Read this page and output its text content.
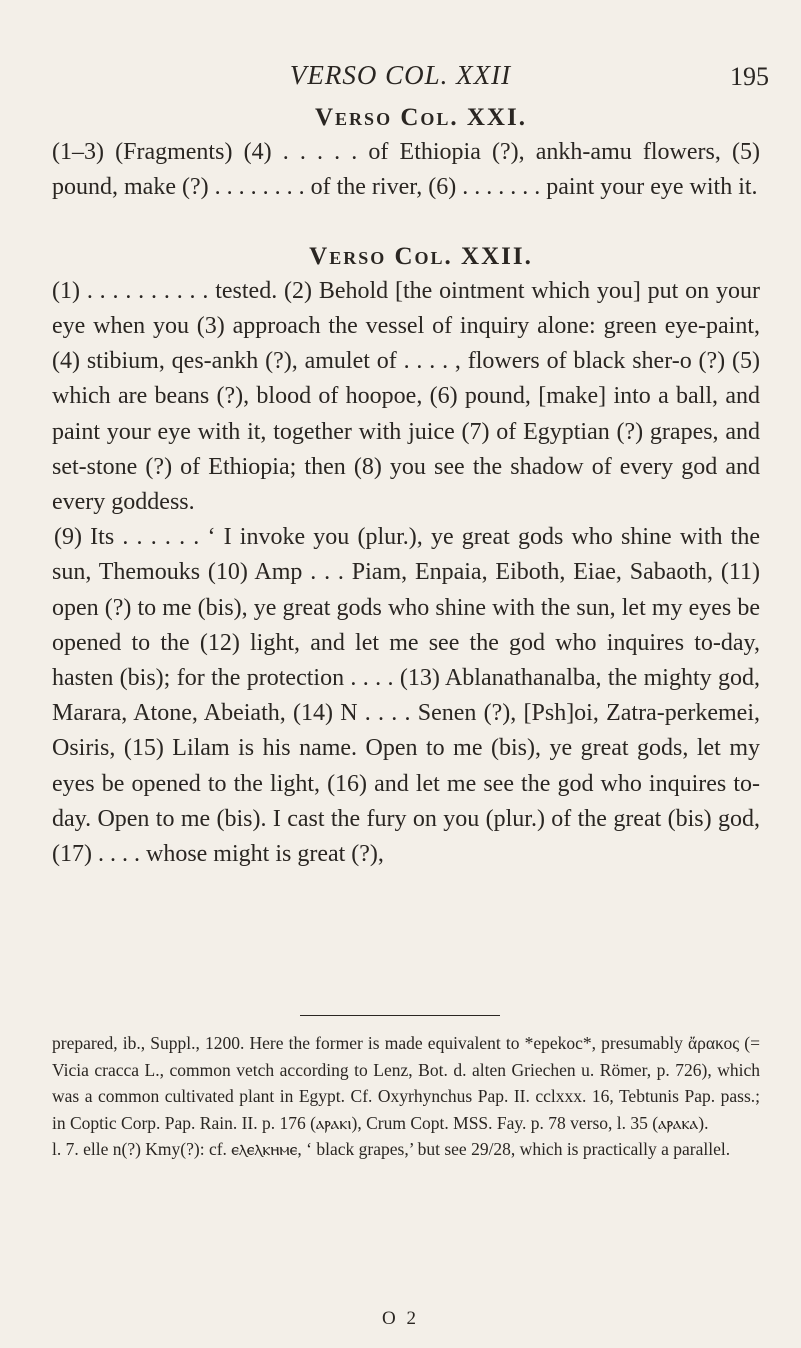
VERSO COL. XXII	195
Verso Col. XXI.

(1–3) (Fragments) (4) . . . . . of Ethiopia (?), ankh-amu flowers, (5) pound, make (?) . . . . . . . . of the river, (6) . . . . . . . paint your eye with it.

Verso Col. XXII.

(1) . . . . . . . . . . tested. (2) Behold [the ointment which you] put on your eye when you (3) approach the vessel of inquiry alone: green eye-paint, (4) stibium, qes-ankh (?), amulet of . . . . , flowers of black sher-o (?) (5) which are beans (?), blood of hoopoe, (6) pound, [make] into a ball, and paint your eye with it, together with juice (7) of Egyptian (?) grapes, and set-stone (?) of Ethiopia; then (8) you see the shadow of every god and every goddess.

(9) Its . . . . . . ‘ I invoke you (plur.), ye great gods who shine with the sun, Themouks (10) Amp . . . Piam, Enpaia, Eiboth, Eiae, Sabaoth, (11) open (?) to me (bis), ye great gods who shine with the sun, let my eyes be opened to the (12) light, and let me see the god who inquires to-day, hasten (bis); for the protection . . . . (13) Ablanathanalba, the mighty god, Marara, Atone, Abeiath, (14) N . . . . Senen (?), [Psh]oi, Zatra-perkemei, Osiris, (15) Lilam is his name. Open to me (bis), ye great gods, let my eyes be opened to the light, (16) and let me see the god who inquires to-day. Open to me (bis). I cast the fury on you (plur.) of the great (bis) god, (17) . . . . whose might is great (?),

prepared, ib., Suppl., 1200. Here the former is made equivalent to *epekoc*, presumably ἄρακος (= Vicia cracca L., common vetch according to Lenz, Bot. d. alten Griechen u. Römer, p. 726), which was a common cultivated plant in Egypt. Cf. Oxyrhynchus Pap. II. cclxxx. 16, Tebtunis Pap. pass.; in Coptic Corp. Pap. Rain. II. p. 176 (ⲁⲣⲁⲕⲓ), Crum Copt. MSS. Fay. p. 78 verso, l. 35 (ⲁⲣⲁⲕⲁ).

l. 7. elle n(?) Kmy(?): cf. ⲉⲗⲉⲗⲕⲏⲙⲉ, ‘ black grapes,’ but see 29/28, which is practically a parallel.

O 2
